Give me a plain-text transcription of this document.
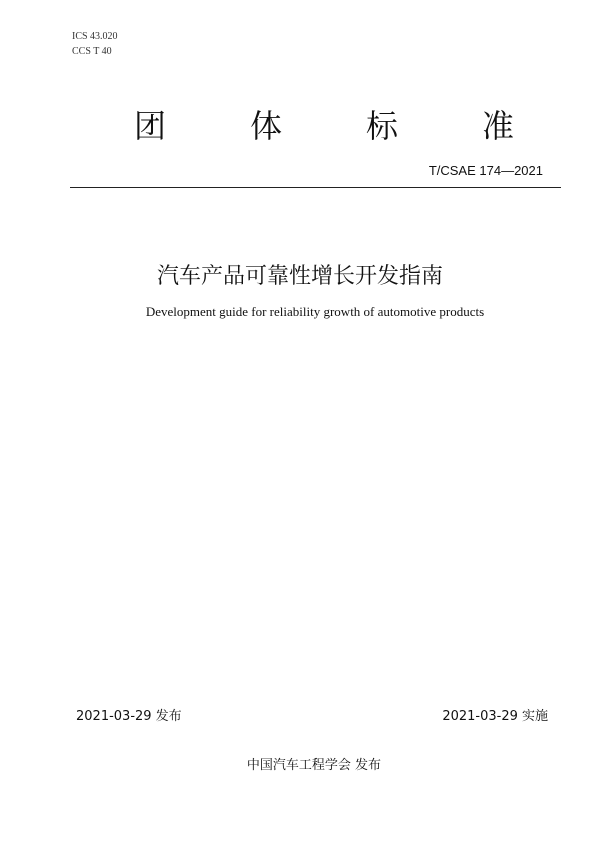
ICS 43.020
CCS T 40
团	体	标	准
T/CSAE 174—2021
汽车产品可靠性增长开发指南
Development guide for reliability growth of automotive products
2021-03-29 发布	2021-03-29 实施
中国汽车工程学会 发布
